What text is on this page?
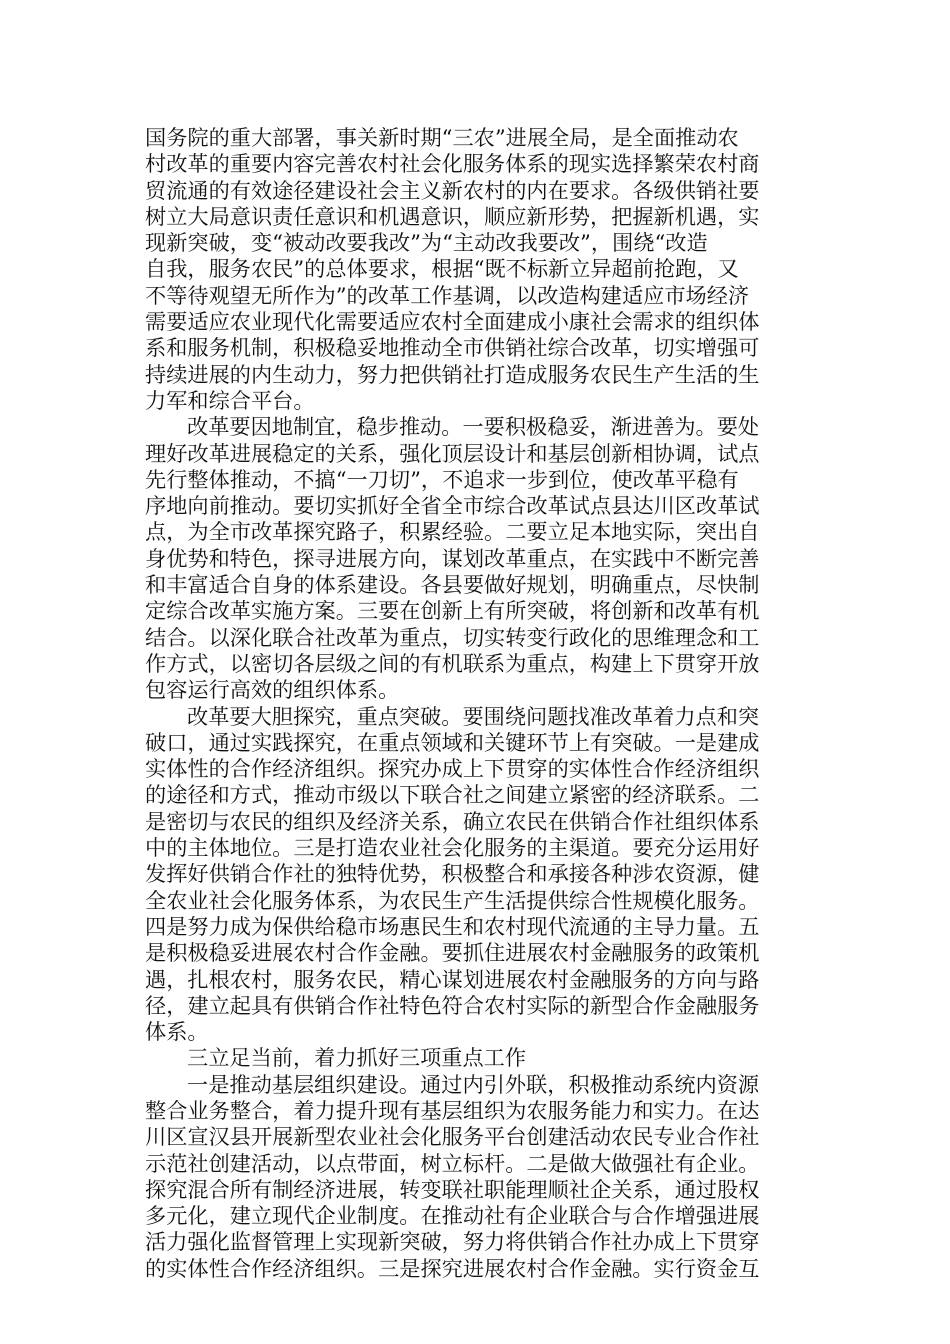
国务院的重大部署，事关新时期“三农”进展全局，是全面推动农
村改革的重要内容完善农村社会化服务体系的现实选择繁荣农村商
贸流通的有效途径建设社会主义新农村的内在要求。各级供销社要
树立大局意识责任意识和机遇意识，顺应新形势，把握新机遇，实
现新突破，变“被动改要我改”为“主动改我要改”，围绕“改造
自我，服务农民”的总体要求，根据“既不标新立异超前抢跑，又
不等待观望无所作为”的改革工作基调，以改造构建适应市场经济
需要适应农业现代化需要适应农村全面建成小康社会需求的组织体
系和服务机制，积极稳妥地推动全市供销社综合改革，切实增强可
持续进展的内生动力，努力把供销社打造成服务农民生产生活的生
力军和综合平台。
改革要因地制宜，稳步推动。一要积极稳妥，渐进善为。要处
理好改革进展稳定的关系，强化顶层设计和基层创新相协调，试点
先行整体推动，不搞“一刀切”，不追求一步到位，使改革平稳有
序地向前推动。要切实抓好全省全市综合改革试点县达川区改革试
点，为全市改革探究路子，积累经验。二要立足本地实际，突出自
身优势和特色，探寻进展方向，谋划改革重点，在实践中不断完善
和丰富适合自身的体系建设。各县要做好规划，明确重点，尽快制
定综合改革实施方案。三要在创新上有所突破，将创新和改革有机
结合。以深化联合社改革为重点，切实转变行政化的思维理念和工
作方式，以密切各层级之间的有机联系为重点，构建上下贯穿开放
包容运行高效的组织体系。
改革要大胆探究，重点突破。要围绕问题找准改革着力点和突
破口，通过实践探究，在重点领域和关键环节上有突破。一是建成
实体性的合作经济组织。探究办成上下贯穿的实体性合作经济组织
的途径和方式，推动市级以下联合社之间建立紧密的经济联系。二
是密切与农民的组织及经济关系，确立农民在供销合作社组织体系
中的主体地位。三是打造农业社会化服务的主渠道。要充分运用好
发挥好供销合作社的独特优势，积极整合和承接各种涉农资源，健
全农业社会化服务体系，为农民生产生活提供综合性规模化服务。
四是努力成为保供给稳市场惠民生和农村现代流通的主导力量。五
是积极稳妥进展农村合作金融。要抓住进展农村金融服务的政策机
遇，扎根农村，服务农民，精心谋划进展农村金融服务的方向与路
径，建立起具有供销合作社特色符合农村实际的新型合作金融服务
体系。
三立足当前，着力抓好三项重点工作
一是推动基层组织建设。通过内引外联，积极推动系统内资源
整合业务整合，着力提升现有基层组织为农服务能力和实力。在达
川区宣汉县开展新型农业社会化服务平台创建活动农民专业合作社
示范社创建活动，以点带面，树立标杆。二是做大做强社有企业。
探究混合所有制经济进展，转变联社职能理顺社企关系，通过股权
多元化，建立现代企业制度。在推动社有企业联合与合作增强进展
活力强化监督管理上实现新突破，努力将供销合作社办成上下贯穿
的实体性合作经济组织。三是探究进展农村合作金融。实行资金互
